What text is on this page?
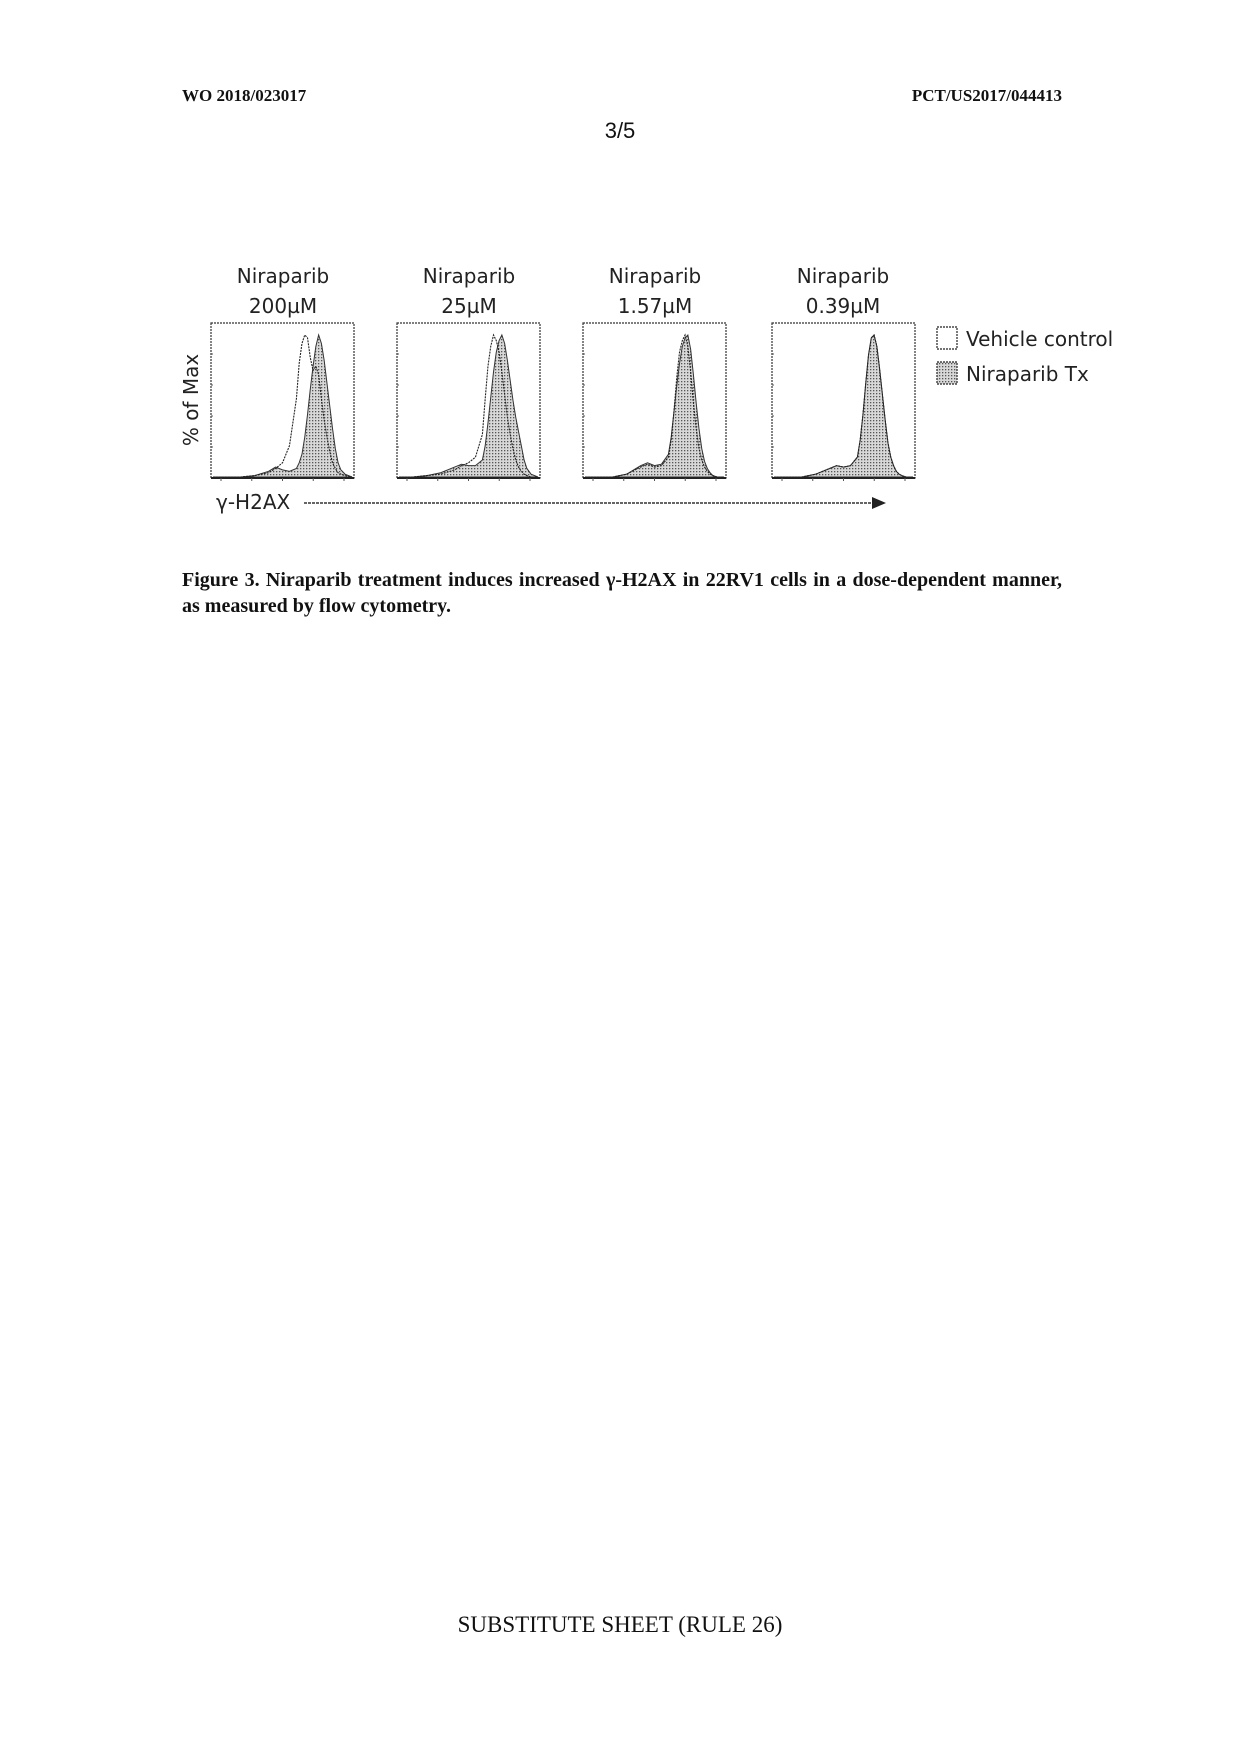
WO 2018/023017	PCT/US2017/044413
3/5
% of Max
Niraparib
200µM
Niraparib
25µM
Niraparib
1.57µM
Niraparib
0.39µM
Vehicle control
Niraparib Tx
γ-H2AX
Figure 3. Niraparib treatment induces increased γ-H2AX in 22RV1 cells in a dose-dependent manner, as measured by flow cytometry.
SUBSTITUTE SHEET (RULE 26)
